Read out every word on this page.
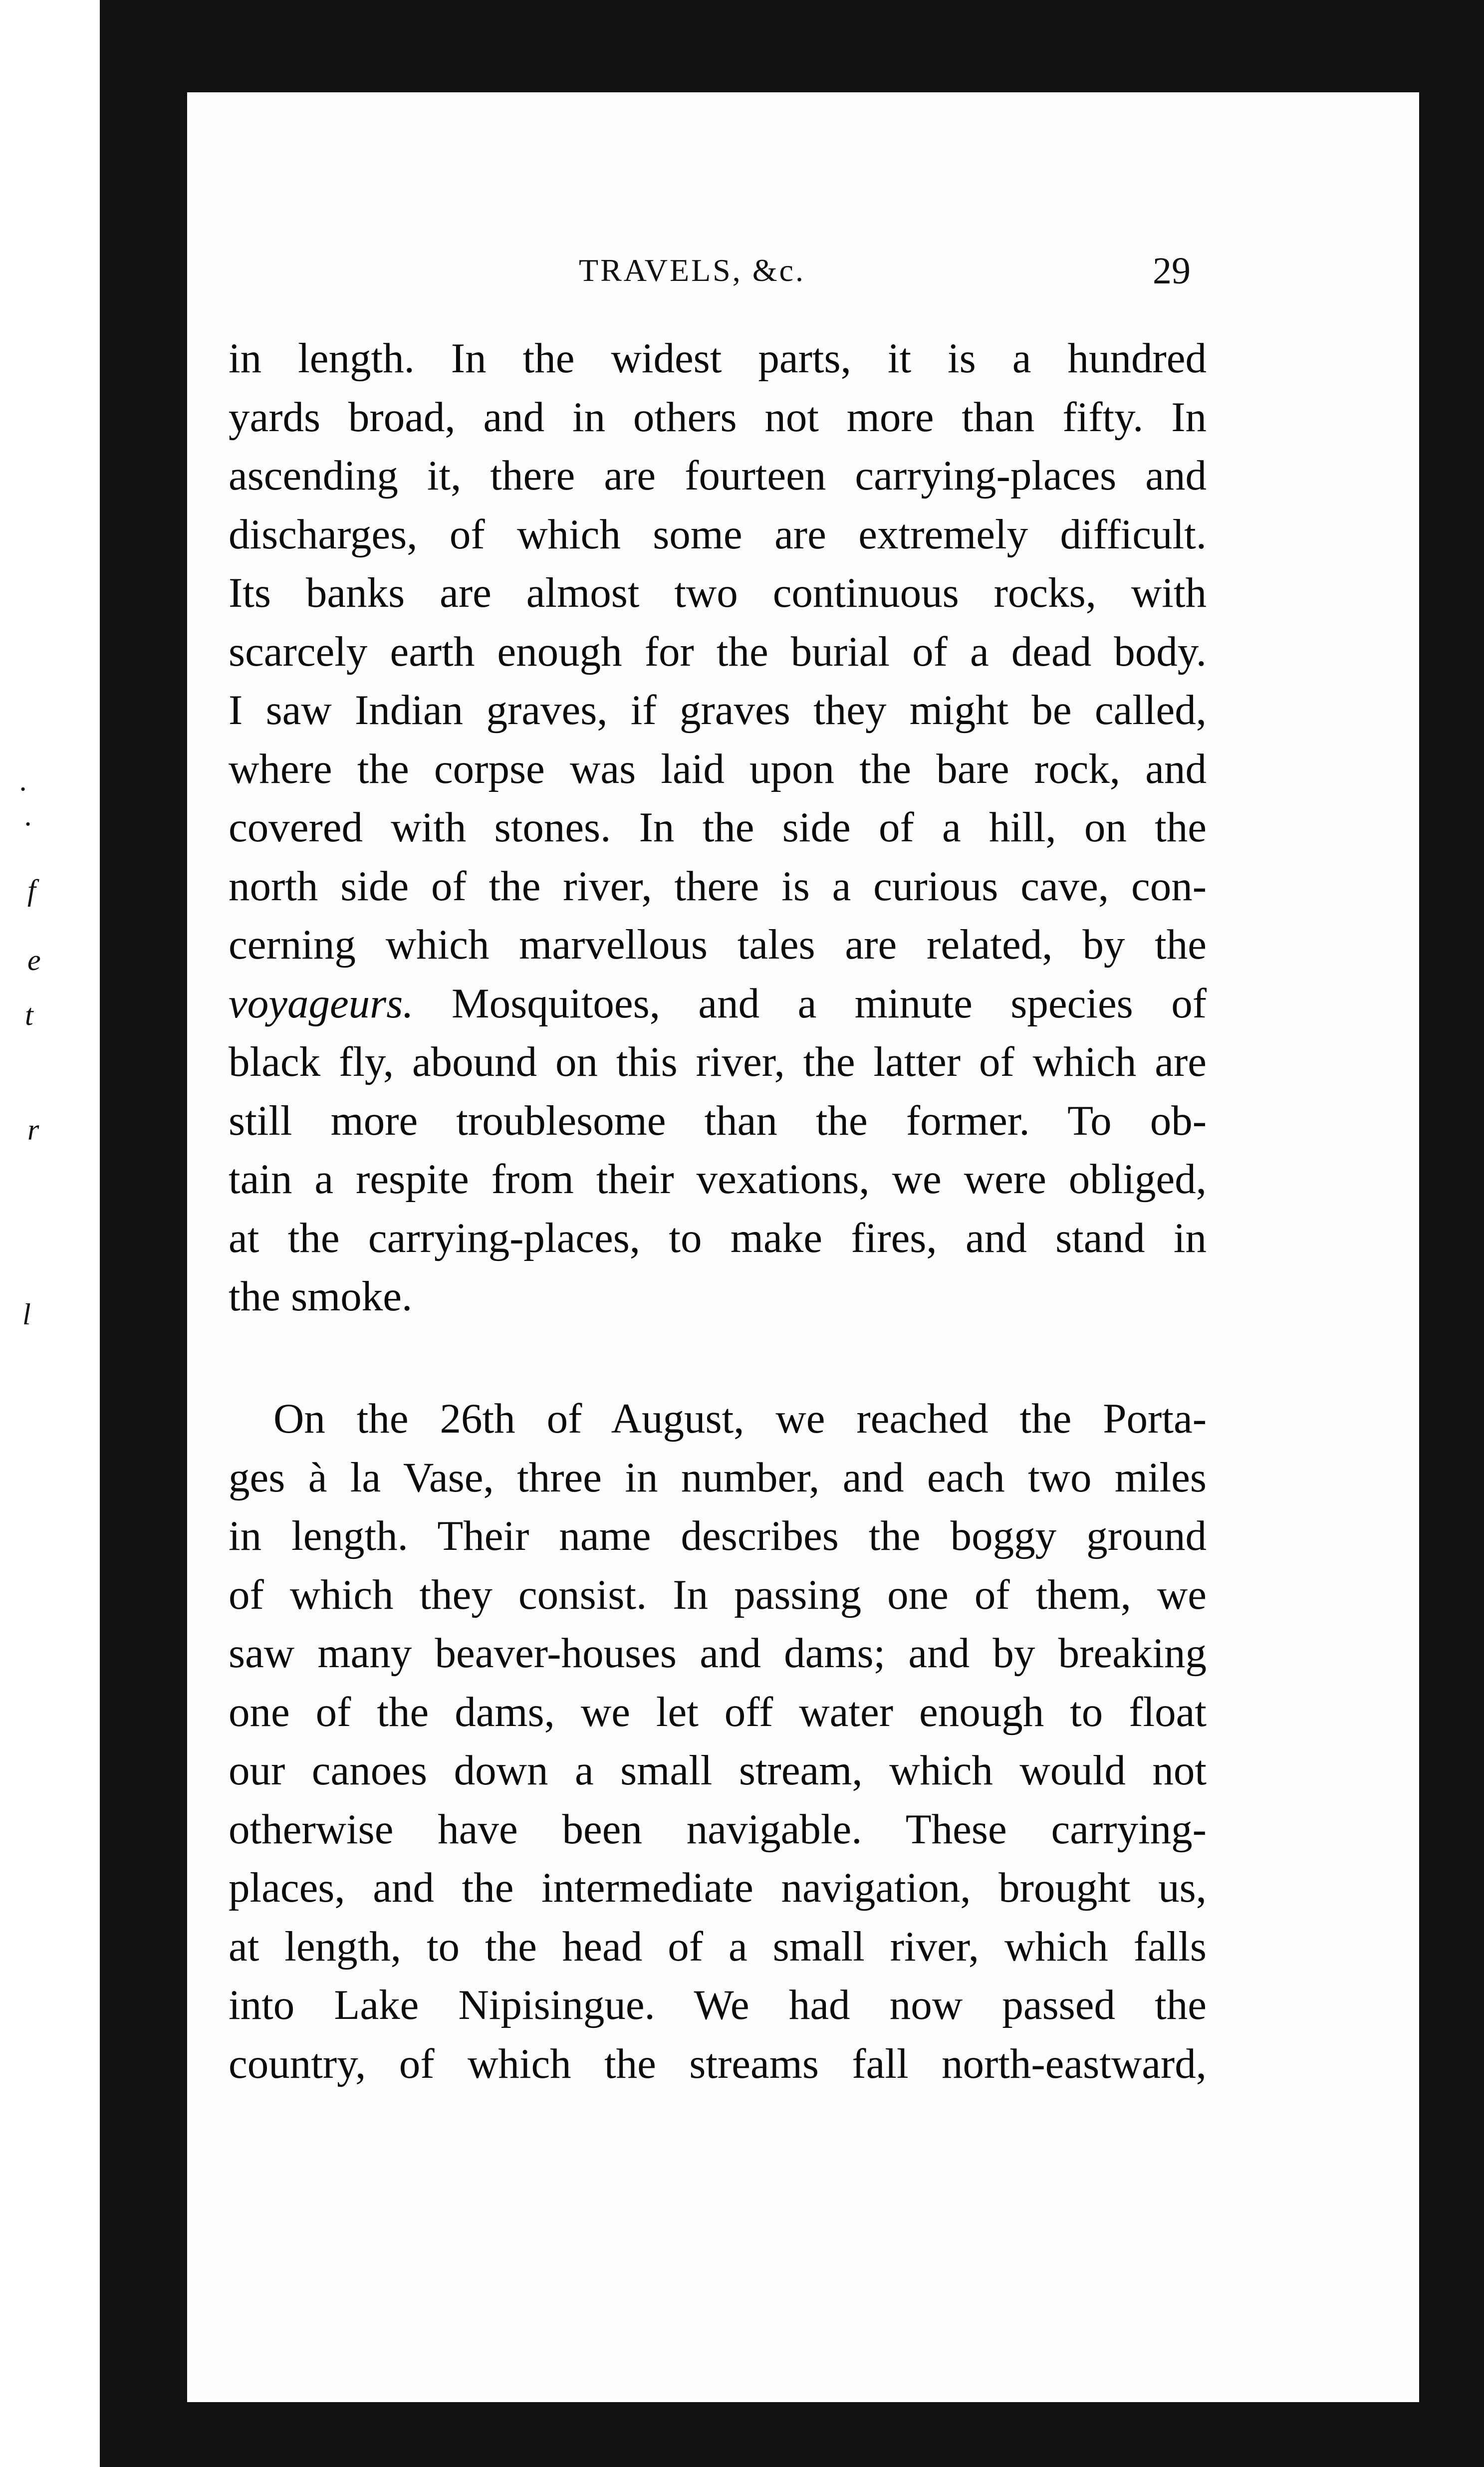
.
.
f
e
t
r
l
TRAVELS, &c.	29
in length. In the widest parts, it is a hundred
yards broad, and in others not more than fifty. In
ascending it, there are fourteen carrying-places and
discharges, of which some are extremely difficult.
Its banks are almost two continuous rocks, with
scarcely earth enough for the burial of a dead body.
I saw Indian graves, if graves they might be called,
where the corpse was laid upon the bare rock, and
covered with stones. In the side of a hill, on the
north side of the river, there is a curious cave, con-
cerning which marvellous tales are related, by the
voyageurs. Mosquitoes, and a minute species of
black fly, abound on this river, the latter of which are
still more troublesome than the former. To ob-
tain a respite from their vexations, we were obliged,
at the carrying-places, to make fires, and stand in
the smoke.
On the 26th of August, we reached the Porta-
ges à la Vase, three in number, and each two miles
in length. Their name describes the boggy ground
of which they consist. In passing one of them, we
saw many beaver-houses and dams; and by breaking
one of the dams, we let off water enough to float
our canoes down a small stream, which would not
otherwise have been navigable. These carrying-
places, and the intermediate navigation, brought us,
at length, to the head of a small river, which falls
into Lake Nipisingue. We had now passed the
country, of which the streams fall north-eastward,
